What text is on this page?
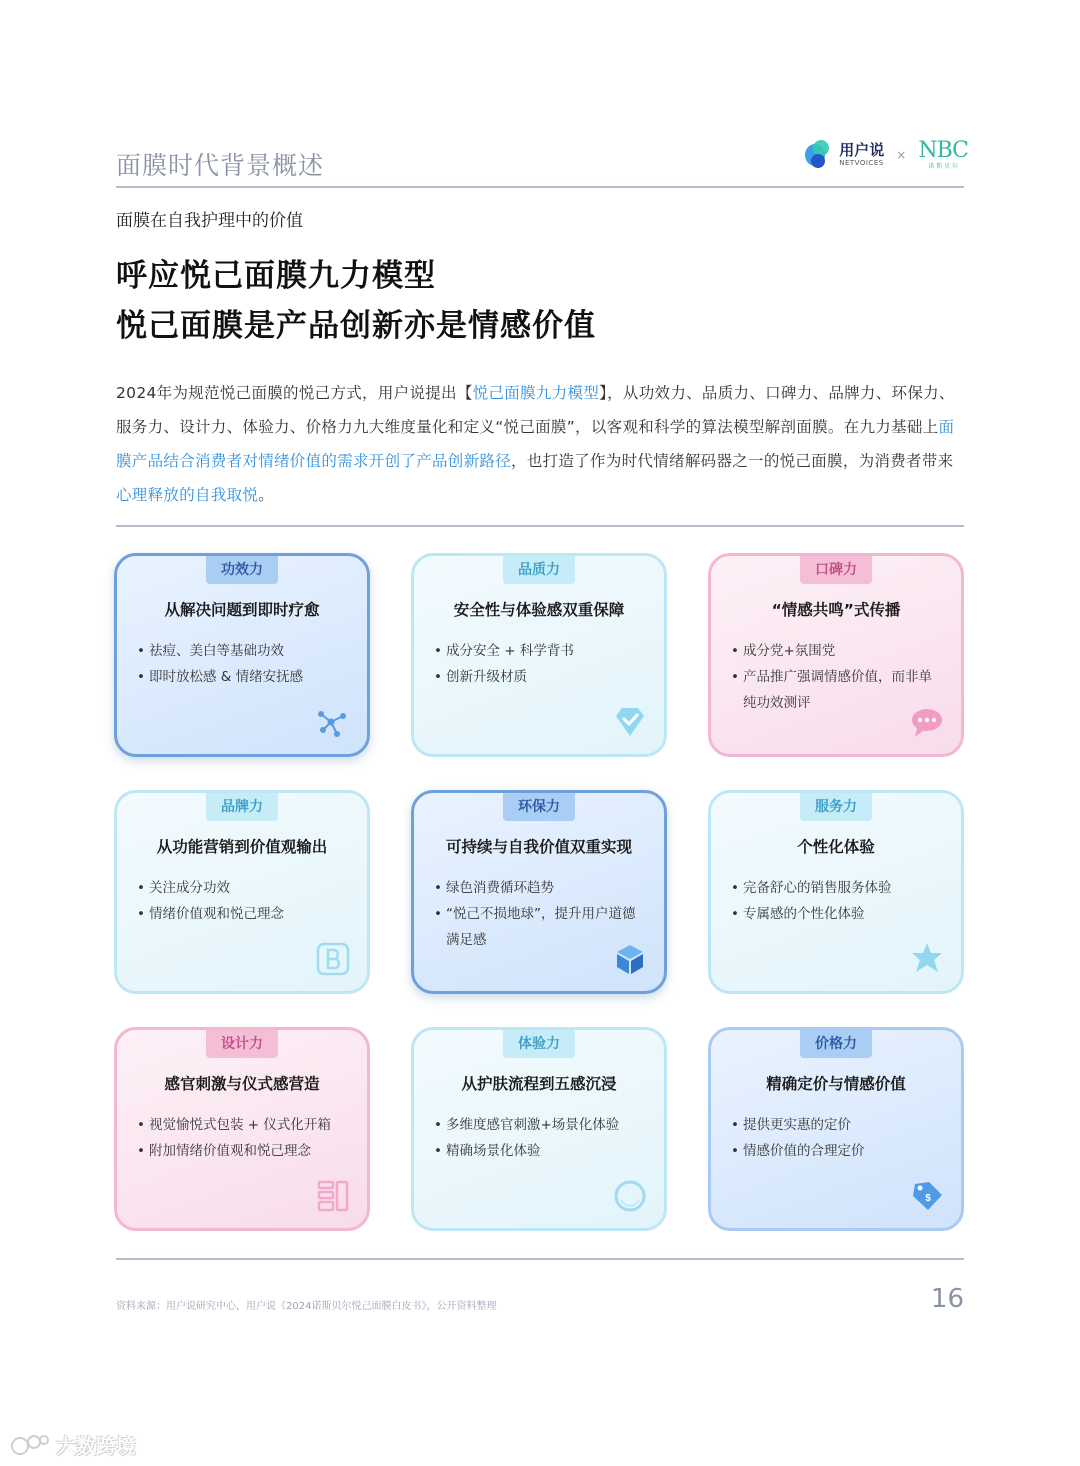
面膜时代背景概述
用户说
NETVOICES
× NBC
诺 斯 贝 尔
面膜在自我护理中的价值
呼应悦己面膜九力模型
悦己面膜是产品创新亦是情感价值
2024年为规范悦己面膜的悦己方式，用户说提出【悦己面膜九力模型】，从功效力、品质力、口碑力、品牌力、环保力、服务力、设计力、体验力、价格力九大维度量化和定义“悦己面膜”，以客观和科学的算法模型解剖面膜。在九力基础上面膜产品结合消费者对情绪价值的需求开创了产品创新路径，也打造了作为时代情绪解码器之一的悦己面膜，为消费者带来心理释放的自我取悦。
功效力
从解决问题到即时疗愈
• 祛痘、美白等基础功效
• 即时放松感 & 情绪安抚感
品质力
安全性与体验感双重保障
• 成分安全 + 科学背书
• 创新升级材质
口碑力
“情感共鸣”式传播
• 成分党+氛围党
• 产品推广强调情感价值，而非单纯功效测评
品牌力
从功能营销到价值观输出
• 关注成分功效
• 情绪价值观和悦己理念
环保力
可持续与自我价值双重实现
• 绿色消费循环趋势
• “悦己不损地球”，提升用户道德满足感
服务力
个性化体验
• 完备舒心的销售服务体验
• 专属感的个性化体验
设计力
感官刺激与仪式感营造
• 视觉愉悦式包装 + 仪式化开箱
• 附加情绪价值观和悦己理念
体验力
从护肤流程到五感沉浸
• 多维度感官刺激+场景化体验
• 精确场景化体验
价格力
精确定价与情感价值
• 提供更实惠的定价
• 情感价值的合理定价
$
资料来源：用户说研究中心，用户说《2024诺斯贝尔悦己面膜白皮书》，公开资料整理	16
大数跨境
